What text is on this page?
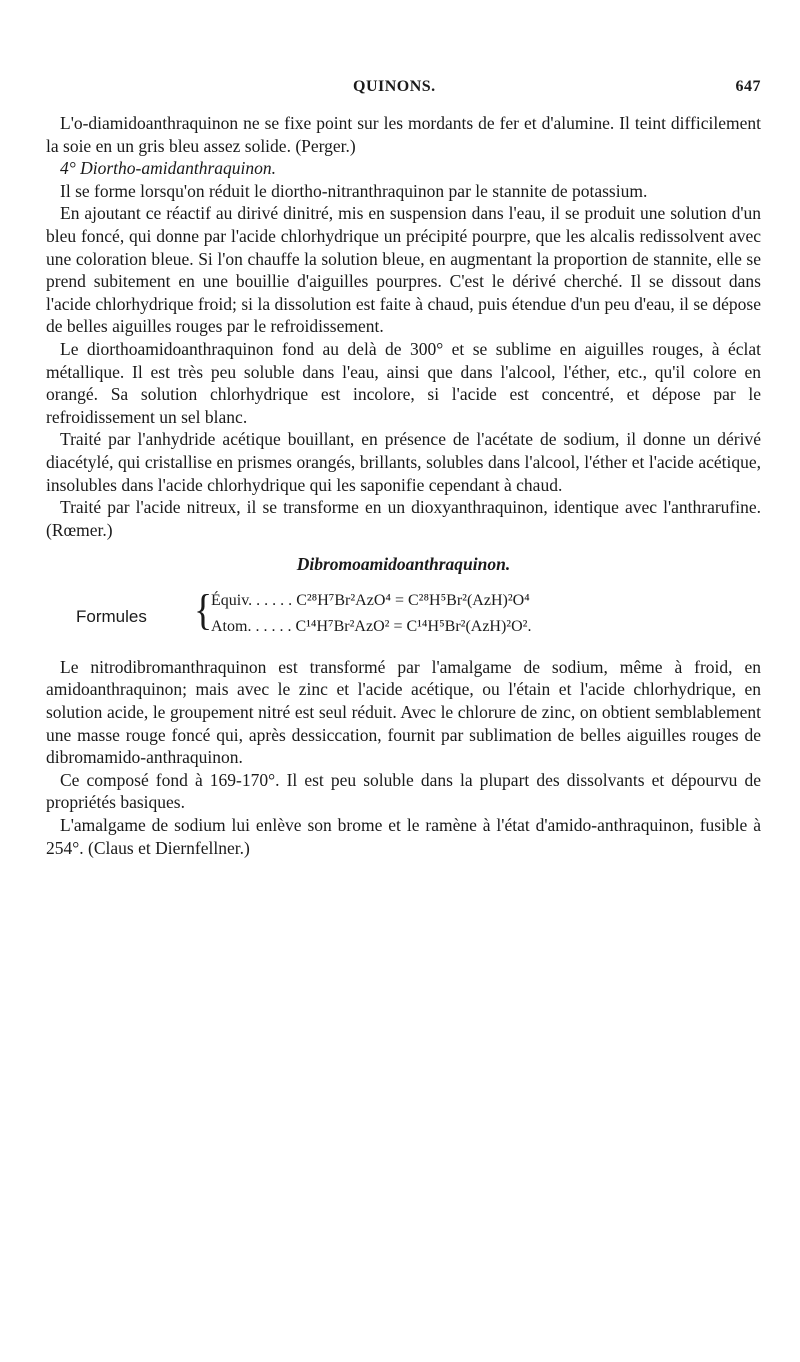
QUINONS.	647

L'o-diamidoanthraquinon ne se fixe point sur les mordants de fer et d'alumine. Il teint difficilement la soie en un gris bleu assez solide. (Perger.)

4° Diortho-amidanthraquinon.

Il se forme lorsqu'on réduit le diortho-nitranthraquinon par le stannite de potassium.

En ajoutant ce réactif au dirivé dinitré, mis en suspension dans l'eau, il se produit une solution d'un bleu foncé, qui donne par l'acide chlorhydrique un précipité pourpre, que les alcalis redissolvent avec une coloration bleue. Si l'on chauffe la solution bleue, en augmentant la proportion de stannite, elle se prend subitement en une bouillie d'aiguilles pourpres. C'est le dérivé cherché. Il se dissout dans l'acide chlorhydrique froid; si la dissolution est faite à chaud, puis étendue d'un peu d'eau, il se dépose de belles aiguilles rouges par le refroidissement.

Le diorthoamidoanthraquinon fond au delà de 300° et se sublime en aiguilles rouges, à éclat métallique. Il est très peu soluble dans l'eau, ainsi que dans l'alcool, l'éther, etc., qu'il colore en orangé. Sa solution chlorhydrique est incolore, si l'acide est concentré, et dépose par le refroidissement un sel blanc.

Traité par l'anhydride acétique bouillant, en présence de l'acétate de sodium, il donne un dérivé diacétylé, qui cristallise en prismes orangés, brillants, solubles dans l'alcool, l'éther et l'acide acétique, insolubles dans l'acide chlorhydrique qui les saponifie cependant à chaud.

Traité par l'acide nitreux, il se transforme en un dioxyanthraquinon, identique avec l'anthrarufine. (Rœmer.)

Dibromoamidoanthraquinon.
Formules {
Équiv. . . . . . C²⁸H⁷Br²AzO⁴ = C²⁸H⁵Br²(AzH)²O⁴
Atom. . . . . . C¹⁴H⁷Br²AzO² = C¹⁴H⁵Br²(AzH)²O².

Le nitrodibromanthraquinon est transformé par l'amalgame de sodium, même à froid, en amidoanthraquinon; mais avec le zinc et l'acide acétique, ou l'étain et l'acide chlorhydrique, en solution acide, le groupement nitré est seul réduit. Avec le chlorure de zinc, on obtient semblablement une masse rouge foncé qui, après dessiccation, fournit par sublimation de belles aiguilles rouges de dibromamido-anthraquinon.

Ce composé fond à 169-170°. Il est peu soluble dans la plupart des dissolvants et dépourvu de propriétés basiques.

L'amalgame de sodium lui enlève son brome et le ramène à l'état d'amido-anthraquinon, fusible à 254°. (Claus et Diernfellner.)
